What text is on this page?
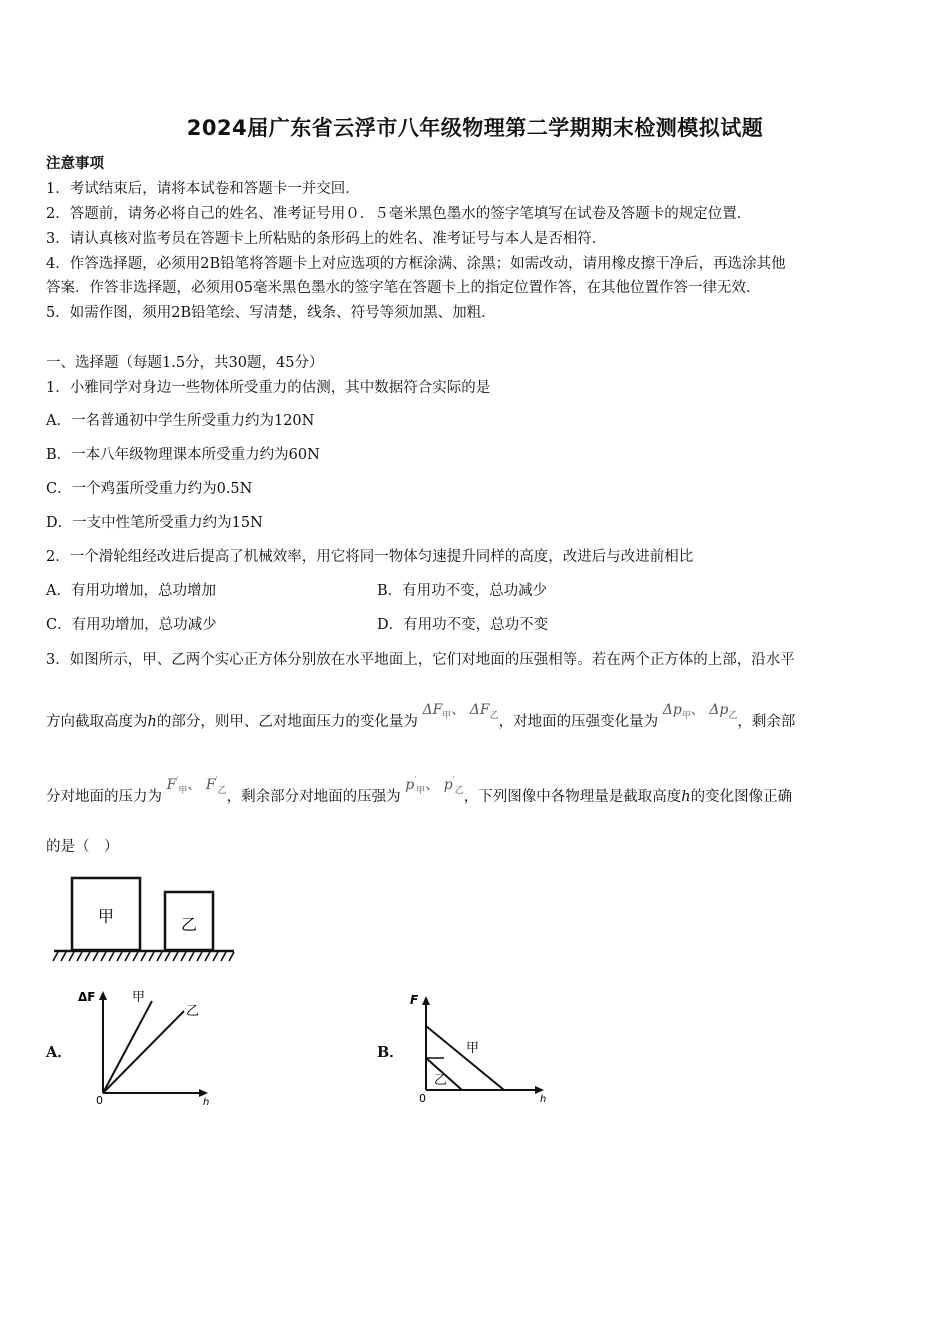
2024届广东省云浮市八年级物理第二学期期末检测模拟试题
注意事项
1．考试结束后，请将本试卷和答题卡一并交回．
2．答题前，请务必将自己的姓名、准考证号用０．５毫米黑色墨水的签字笔填写在试卷及答题卡的规定位置．
3．请认真核对监考员在答题卡上所粘贴的条形码上的姓名、准考证号与本人是否相符．
4．作答选择题，必须用2B铅笔将答题卡上对应选项的方框涂满、涂黑；如需改动，请用橡皮擦干净后，再选涂其他
答案．作答非选择题，必须用05毫米黑色墨水的签字笔在答题卡上的指定位置作答，在其他位置作答一律无效．
5．如需作图，须用2B铅笔绘、写清楚，线条、符号等须加黑、加粗．
一、选择题（每题1.5分，共30题，45分）
1．小雅同学对身边一些物体所受重力的估测，其中数据符合实际的是
A．一名普通初中学生所受重力约为120N
B．一本八年级物理课本所受重力约为60N
C．一个鸡蛋所受重力约为0.5N
D．一支中性笔所受重力约为15N
2．一个滑轮组经改进后提高了机械效率，用它将同一物体匀速提升同样的高度，改进后与改进前相比
A．有用功增加，总功增加	B．有用功不变，总功减少
C．有用功增加，总功减少	D．有用功不变，总功不变
3．如图所示，甲、乙两个实心正方体分别放在水平地面上，它们对地面的压强相等。若在两个正方体的上部，沿水平
方向截取高度为h的部分，则甲、乙对地面压力的变化量为 $\Delta F_甲$、 $\Delta F_乙$，对地面的压强变化量为 $\Delta p_甲$、 $\Delta p_乙$，剩余部
分对地面的压力为 $F'_甲$、 $F'_乙$，剩余部分对地面的压强为 $p'_甲$、 $p'_乙$，下列图像中各物理量是截取高度h的变化图像正确
的是（　）
甲	乙
A．
ΔF
h
0
甲
乙
B．
F
h
0
甲
乙
